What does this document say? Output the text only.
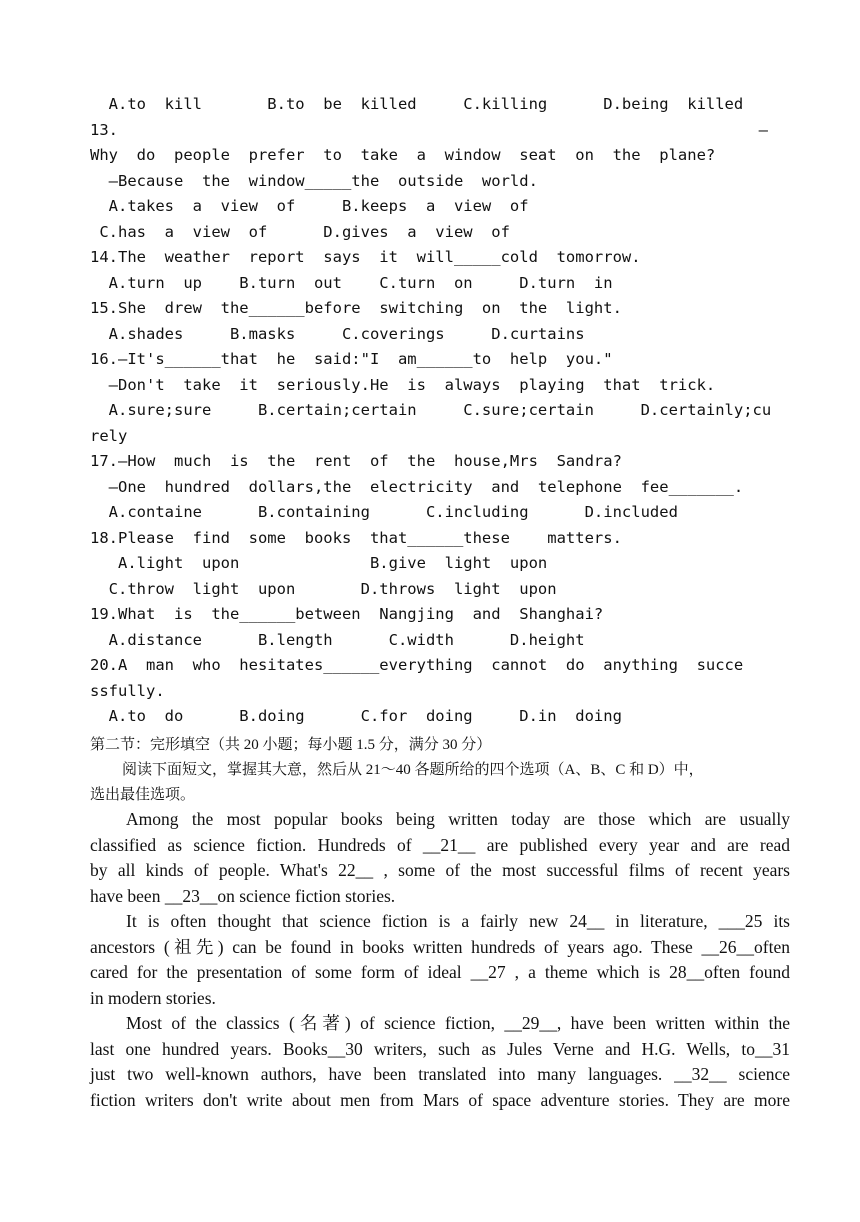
A.to  kill       B.to  be  killed     C.killing      D.being  killed

13.

Why  do  people  prefer  to  take  a  window  seat  on  the  plane?

—Because  the  window_____the  outside  world.

A.takes  a  view  of     B.keeps  a  view  of

C.has  a  view  of      D.gives  a  view  of

14.The  weather  report  says  it  will_____cold  tomorrow.

A.turn  up    B.turn  out    C.turn  on     D.turn  in

15.She  drew  the______before  switching  on  the  light.

A.shades     B.masks     C.coverings     D.curtains

16.—It's______that  he  said:"I  am______to  help  you."

—Don't  take  it  seriously.He  is  always  playing  that  trick.

A.sure;sure     B.certain;certain     C.sure;certain     D.certainly;cu

rely

17.—How  much  is  the  rent  of  the  house,Mrs  Sandra?

—One  hundred  dollars,the  electricity  and  telephone  fee_______.

A.containe      B.containing      C.including      D.included

18.Please  find  some  books  that______these    matters.

A.light  upon              B.give  light  upon

C.throw  light  upon       D.throws  light  upon

19.What  is  the______between  Nangjing  and  Shanghai?

A.distance      B.length      C.width      D.height

20.A  man  who  hesitates______everything  cannot  do  anything  succe

ssfully.

A.to  do      B.doing      C.for  doing     D.in  doing

—

第二节：完形填空（共 20 小题；每小题 1.5 分，满分 30 分）
阅读下面短文，掌握其大意，然后从 21～40 各题所给的四个选项（A、B、C 和 D）中，
选出最佳选项。
Among the most popular books being written today are those which are usually
classified as science fiction. Hundreds of __21__ are published every year and are read
by all kinds of people. What's 22__ , some of the most successful films of recent years
have been __23__on science fiction stories.
It is often thought that science fiction is a fairly new 24__ in literature, ___25 its
ancestors (祖先) can be found in books written hundreds of years ago. These __26__often
cared for the presentation of some form of ideal __27 , a theme which is 28__often found
in modern stories.
Most of the classics (名著) of science fiction, __29__, have been written within the
last one hundred years. Books__30 writers, such as Jules Verne and H.G. Wells, to__31
just two well-known authors, have been translated into many languages. __32__ science
fiction writers don't write about men from Mars of space adventure stories. They are more
